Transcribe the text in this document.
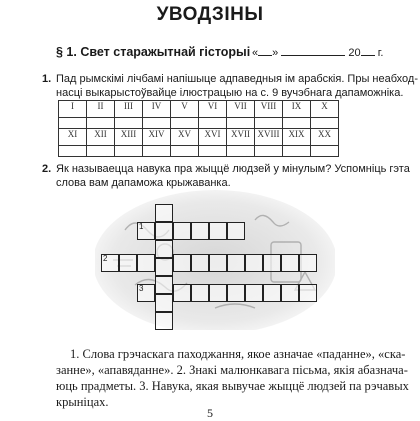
УВОДЗІНЫ
§ 1. Свет старажытнай гісторыі « »	20 г.
1. Пад рымскімі лічбамі напішыце адпаведныя ім арабскія. Пры неабход-
насці выкарыстоўвайце ілюстрацыю на с. 9 вучэбнага дапаможніка.
I	II	III	IV	V	VI	VII	VIII	IX	X

XI	XII	XIII	XIV	XV	XVI	XVII	XVIII	XIX	XX

2. Як называецца навука пра жыццё людзей у мінулым? Успомніць гэта
слова вам дапаможа крыжаванка.
1
2
3
1. Слова грэчаскага паходжання, якое азначае «паданне», «ска-
занне», «апавяданне». 2. Знакі малюнкавага пісьма, якія абазнача-
юць прадметы. 3. Навука, якая вывучае жыццё людзей па рэчавых
крыніцах.
5
